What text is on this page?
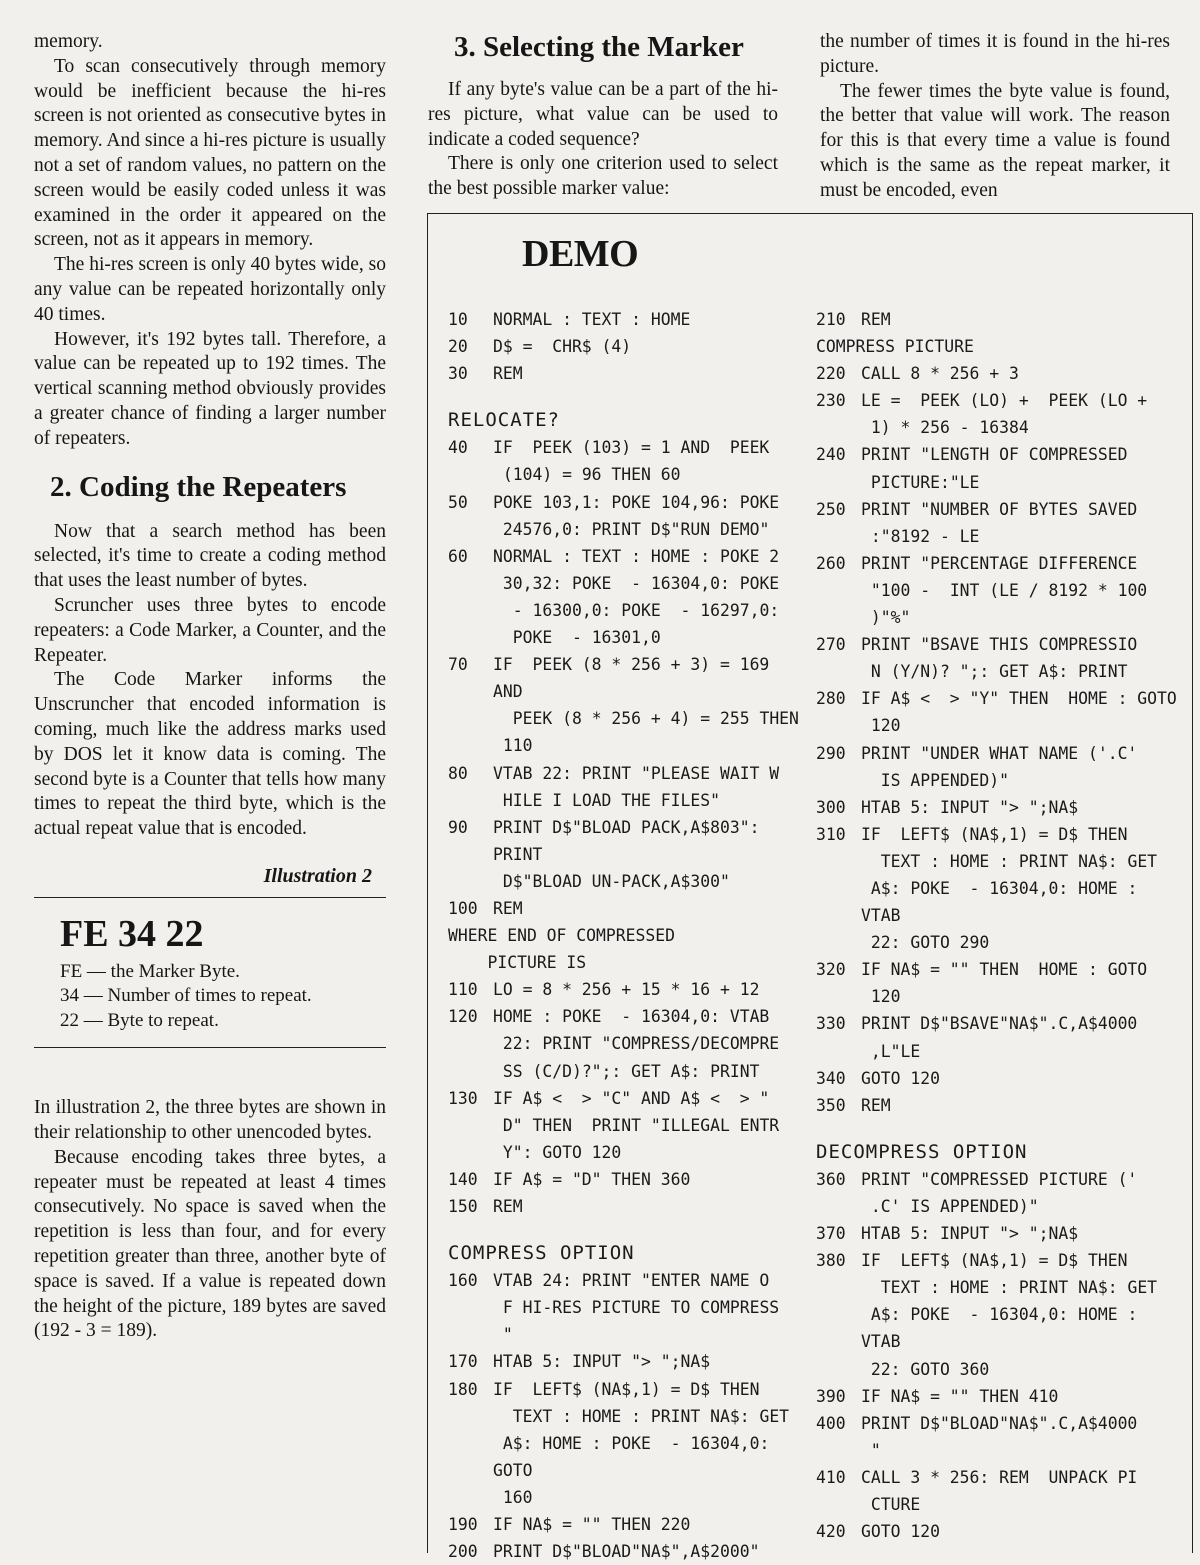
memory.

To scan consecutively through memory would be inefficient because the hi-res screen is not oriented as consecutive bytes in memory. And since a hi-res picture is usually not a set of random values, no pattern on the screen would be easily coded unless it was examined in the order it appeared on the screen, not as it appears in memory.

The hi-res screen is only 40 bytes wide, so any value can be repeated horizontally only 40 times.

However, it's 192 bytes tall. Therefore, a value can be repeated up to 192 times. The vertical scanning method obviously provides a greater chance of finding a larger number of repeaters.

2. Coding the Repeaters

Now that a search method has been selected, it's time to create a coding method that uses the least number of bytes.

Scruncher uses three bytes to encode repeaters: a Code Marker, a Counter, and the Repeater.

The Code Marker informs the Unscruncher that encoded information is coming, much like the address marks used by DOS let it know data is coming. The second byte is a Counter that tells how many times to repeat the third byte, which is the actual repeat value that is encoded.

Illustration 2
FE 34 22

FE — the Marker Byte.

34 — Number of times to repeat.

22 — Byte to repeat.

In illustration 2, the three bytes are shown in their relationship to other unencoded bytes.

Because encoding takes three bytes, a repeater must be repeated at least 4 times consecutively. No space is saved when the repetition is less than four, and for every repetition greater than three, another byte of space is saved. If a value is repeated down the height of the picture, 189 bytes are saved (192 - 3 = 189).

3. Selecting the Marker

If any byte's value can be a part of the hi-res picture, what value can be used to indicate a coded sequence?

There is only one criterion used to select the best possible marker value:

the number of times it is found in the hi-res picture.

The fewer times the byte value is found, the better that value will work. The reason for this is that every time a value is found which is the same as the repeat marker, it must be encoded, even

DEMO
10	NORMAL : TEXT : HOME
20	D$ =  CHR$ (4)
30	REM
RELOCATE?
40	IF  PEEK (103) = 1 AND  PEEK
(104) = 96 THEN 60
50	POKE 103,1: POKE 104,96: POKE
24576,0: PRINT D$"RUN DEMO"
60	NORMAL : TEXT : HOME : POKE 2
30,32: POKE  - 16304,0: POKE
- 16300,0: POKE  - 16297,0:
POKE  - 16301,0
70	IF  PEEK (8 * 256 + 3) = 169 AND
PEEK (8 * 256 + 4) = 255 THEN
110
80	VTAB 22: PRINT "PLEASE WAIT W
HILE I LOAD THE FILES"
90	PRINT D$"BLOAD PACK,A$803": PRINT
D$"BLOAD UN-PACK,A$300"
100 REM
WHERE END OF COMPRESSED
PICTURE IS
110 LO = 8 * 256 + 15 * 16 + 12
120 HOME : POKE  - 16304,0: VTAB
22: PRINT "COMPRESS/DECOMPRE
SS (C/D)?";: GET A$: PRINT
130 IF A$ <  > "C" AND A$ <  > "
D" THEN  PRINT "ILLEGAL ENTR
Y": GOTO 120
140 IF A$ = "D" THEN 360
150 REM
COMPRESS OPTION
160 VTAB 24: PRINT "ENTER NAME O
F HI-RES PICTURE TO COMPRESS
"
170 HTAB 5: INPUT "> ";NA$
180 IF  LEFT$ (NA$,1) = D$ THEN
TEXT : HOME : PRINT NA$: GET
A$: HOME : POKE  - 16304,0: GOTO
160
190 IF NA$ = "" THEN 220
200 PRINT D$"BLOAD"NA$",A$2000"
210 REM
COMPRESS PICTURE
220 CALL 8 * 256 + 3
230 LE =  PEEK (LO) +  PEEK (LO +
1) * 256 - 16384
240 PRINT "LENGTH OF COMPRESSED
PICTURE:"LE
250 PRINT "NUMBER OF BYTES SAVED
:"8192 - LE
260 PRINT "PERCENTAGE DIFFERENCE
"100 -  INT (LE / 8192 * 100
)"%"
270 PRINT "BSAVE THIS COMPRESSIO
N (Y/N)? ";: GET A$: PRINT
280 IF A$ <  > "Y" THEN  HOME : GOTO
120
290 PRINT "UNDER WHAT NAME ('.C'
IS APPENDED)"
300 HTAB 5: INPUT "> ";NA$
310 IF  LEFT$ (NA$,1) = D$ THEN
TEXT : HOME : PRINT NA$: GET
A$: POKE  - 16304,0: HOME : VTAB
22: GOTO 290
320 IF NA$ = "" THEN  HOME : GOTO
120
330 PRINT D$"BSAVE"NA$".C,A$4000
,L"LE
340 GOTO 120
350 REM
DECOMPRESS OPTION
360 PRINT "COMPRESSED PICTURE ('
.C' IS APPENDED)"
370 HTAB 5: INPUT "> ";NA$
380 IF  LEFT$ (NA$,1) = D$ THEN
TEXT : HOME : PRINT NA$: GET
A$: POKE  - 16304,0: HOME : VTAB
22: GOTO 360
390 IF NA$ = "" THEN 410
400 PRINT D$"BLOAD"NA$".C,A$4000
"
410 CALL 3 * 256: REM  UNPACK PI
CTURE
420 GOTO 120
